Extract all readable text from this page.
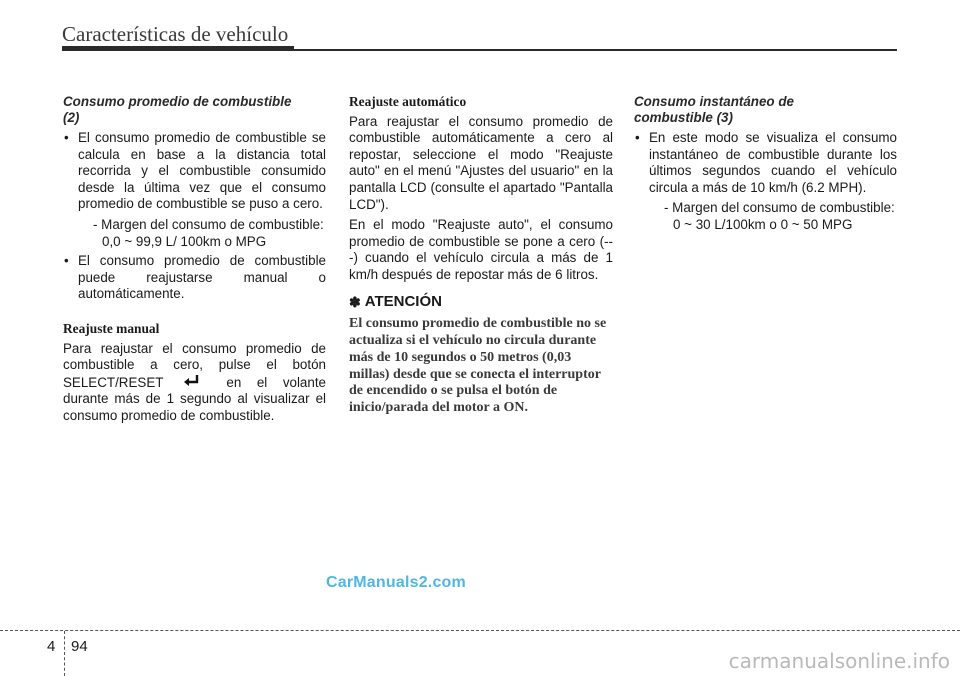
Características de vehículo
Consumo promedio de combustible
(2)
• El consumo promedio de combustible se calcula en base a la distancia total recorrida y el combustible consumido desde la última vez que el consumo promedio de combustible se puso a cero.
- Margen del consumo de combustible: 0,0 ~ 99,9 L/ 100km o MPG
• El consumo promedio de combustible puede reajustarse manual o automáticamente.
Reajuste manual
Para reajustar el consumo promedio de combustible a cero, pulse el botón SELECT/RESET	en el volante durante más de 1 segundo al visualizar el consumo promedio de combustible.
Reajuste automático
Para reajustar el consumo promedio de combustible automáticamente a cero al repostar, seleccione el modo "Reajuste auto" en el menú "Ajustes del usuario" en la pantalla LCD (consulte el apartado "Pantalla LCD").
En el modo "Reajuste auto", el consumo promedio de combustible se pone a cero (---) cuando el vehículo circula a más de 1 km/h después de repostar más de 6 litros.
✽ ATENCIÓN
El consumo promedio de combustible no se actualiza si el vehículo no circula durante más de 10 segundos o 50 metros (0,03 millas) desde que se conecta el interruptor de encendido o se pulsa el botón de inicio/parada del motor a ON.
Consumo instantáneo de
combustible (3)
• En este modo se visualiza el consumo instantáneo de combustible durante los últimos segundos cuando el vehículo circula a más de 10 km/h (6.2 MPH).
- Margen del consumo de combustible: 0 ~ 30 L/100km o 0 ~ 50 MPG
CarManuals2.com
4 94
carmanualsonline.info
